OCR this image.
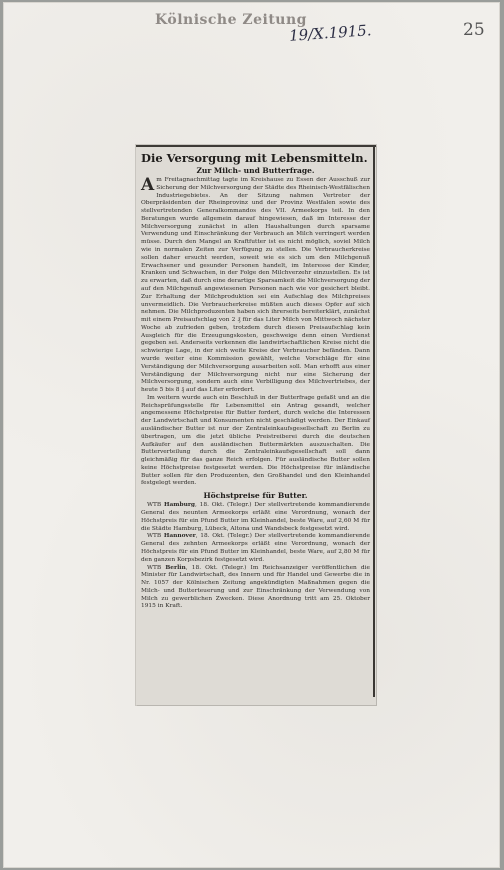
Kölnische Zeitung
19/X.1915.	25
Die Versorgung mit Lebensmitteln.
Zur Milch- und Butterfrage.

Am Freitagnachmittag tagte im Kreishause zu Essen der Ausschuß zur Sicherung der Milchversorgung der Städte des Rheinisch-Westfälischen Industriegebietes. An der Sitzung nahmen Vertreter der Oberpräsidenten der Rheinprovinz und der Provinz Westfalen sowie des stellvertretenden Generalkommandos des VII. Armeekorps teil. In den Beratungen wurde allgemein darauf hingewiesen, daß im Interesse der Milchversorgung zunächst in allen Haushaltungen durch sparsame Verwendung und Einschränkung der Verbrauch an Milch verringert werden müsse. Durch den Mangel an Kraftfutter ist es nicht möglich, soviel Milch wie in normalen Zeiten zur Verfügung zu stellen. Die Verbraucherkreise sollen daher ersucht werden, soweit wie es sich um den Milchgenuß Erwachsener und gesunder Personen handelt, im Interesse der Kinder, Kranken und Schwachen, in der Folge den Milchverzehr einzustellen. Es ist zu erwarten, daß durch eine derartige Sparsamkeit die Milchversorgung der auf den Milchgenuß angewiesenen Personen nach wie vor gesichert bleibt. Zur Erhaltung der Milchproduktion sei ein Aufschlag des Milchpreises unvermeidlich. Die Verbraucherkreise müßten auch dieses Opfer auf sich nehmen. Die Milchproduzenten haben sich ihrerseits bereiterklärt, zunächst mit einem Preisaufschlag von 2 ₰ für das Liter Milch von Mittwoch nächster Woche ab zufrieden geben, trotzdem durch diesen Preisaufschlag kein Ausgleich für die Erzeugungskosten, geschweige denn einen Verdienst gegeben sei. Anderseits verkennen die landwirtschaftlichen Kreise nicht die schwierige Lage, in der sich weite Kreise der Verbraucher befänden. Dann wurde weiter eine Kommission gewählt, welche Vorschläge für eine Verständigung der Milchversorgung ausarbeiten soll. Man erhofft aus einer Verständigung der Milchversorgung nicht nur eine Sicherung der Milchversorgung, sondern auch eine Verbilligung des Milchvertriebes, der heute 5 bis 8 ₰ auf das Liter erfordert.

Im weitern wurde auch ein Beschluß in der Butterfrage gefaßt und an die Reichsprüfungsstelle für Lebensmittel ein Antrag gesandt, welcher angemessene Höchstpreise für Butter fordert, durch welche die Interessen der Landwirtschaft und Konsumenten nicht geschädigt werden. Der Einkauf ausländischer Butter ist nur der Zentraleinkaufsgesellschaft zu Berlin zu übertragen, um die jetzt übliche Preistreiberei durch die deutschen Aufkäufer auf den ausländischen Buttermärkten auszuschalten. Die Butterverteilung durch die Zentraleinkaufsgesellschaft soll dann gleichmäßig für das ganze Reich erfolgen. Für ausländische Butter sollen keine Höchstpreise festgesetzt werden. Die Höchstpreise für inländische Butter sollen für den Produzenten, den Großhandel und den Kleinhandel festgelegt werden.

Höchstpreise für Butter.

WTB Hamburg, 18. Okt. (Telegr.) Der stellvertretende kommandierende General des neunten Armeekorps erläßt eine Verordnung, wonach der Höchstpreis für ein Pfund Butter im Kleinhandel, beste Ware, auf 2,60 M für die Städte Hamburg, Lübeck, Altona und Wandsbeck festgesetzt wird.

WTB Hannover, 18. Okt. (Telegr.) Der stellvertretende kommandierende General des zehnten Armeekorps erläßt eine Verordnung, wonach der Höchstpreis für ein Pfund Butter im Kleinhandel, beste Ware, auf 2,80 M für den ganzen Korpsbezirk festgesetzt wird.

WTB Berlin, 18. Okt. (Telegr.) Im Reichsanzeiger veröffentlichen die Minister für Landwirtschaft, des Innern und für Handel und Gewerbe die in Nr. 1057 der Kölnischen Zeitung angekündigten Maßnahmen gegen die Milch- und Butterteuerung und zur Einschränkung der Verwendung von Milch zu gewerblichen Zwecken. Diese Anordnung tritt am 25. Oktober 1915 in Kraft.
